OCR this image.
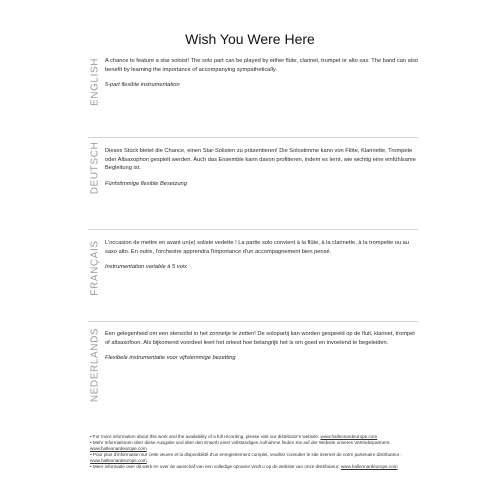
Wish You Were Here
ENGLISH A chance to feature a star soloist! The solo part can be played by either flute, clarinet, trumpet or alto sax. The band can also benefit by learning the importance of accompanying sympathetically.

5-part flexible instrumentation

DEUTSCH Dieses Stück bietet die Chance, einen Star-Solisten zu präsentieren! Die Solostimme kann von Flöte, Klarinette, Trompete oder Altsaxophon gespielt werden. Auch das Ensemble kann davon profitieren, indem es lernt, wie wichtig eine einfühlsame Begleitung ist.

Fünfstimmige flexible Besetzung

FRANÇAIS L'occasion de mettre en avant un(e) soliste vedette ! La partie solo convient à la flûte, à la clarinette, à la trompette ou au saxo alto. En outre, l'orchestre apprendra l'importance d'un accompagnement bien pensé.

Instrumentation variable à 5 voix

NEDERLANDS Een gelegenheid om een stersolist in het zonnetje te zetten! De solopartij kan worden gespeeld op de fluit, klarinet, trompet of altsaxofoon. Als bijkomend voordeel leert het orkest hoe belangrijk het is om goed en invoelend te begeleiden.

Flexibele instrumentatie voor vijfstemmige bezetting

• For more information about this work and the availability of a full recording, please visit our distributor's website: www.halleonardeurope.com

• Mehr Informationen über diese Ausgabe und über den Erwerb einer vollständigen Aufnahme finden Sie auf der Website unseres Vertriebspartners: www.halleonardeurope.com

• Pour plus d'information sur cette œuvre et la disponibilité d'un enregistrement complet, veuillez consulter le site internet de notre partenaire distributeur : www.halleonardeurope.com

• Meer informatie over dit werk en over de aanschaf van een volledige opname vindt u op de website van onze distributeur: www.halleonardeurope.com
